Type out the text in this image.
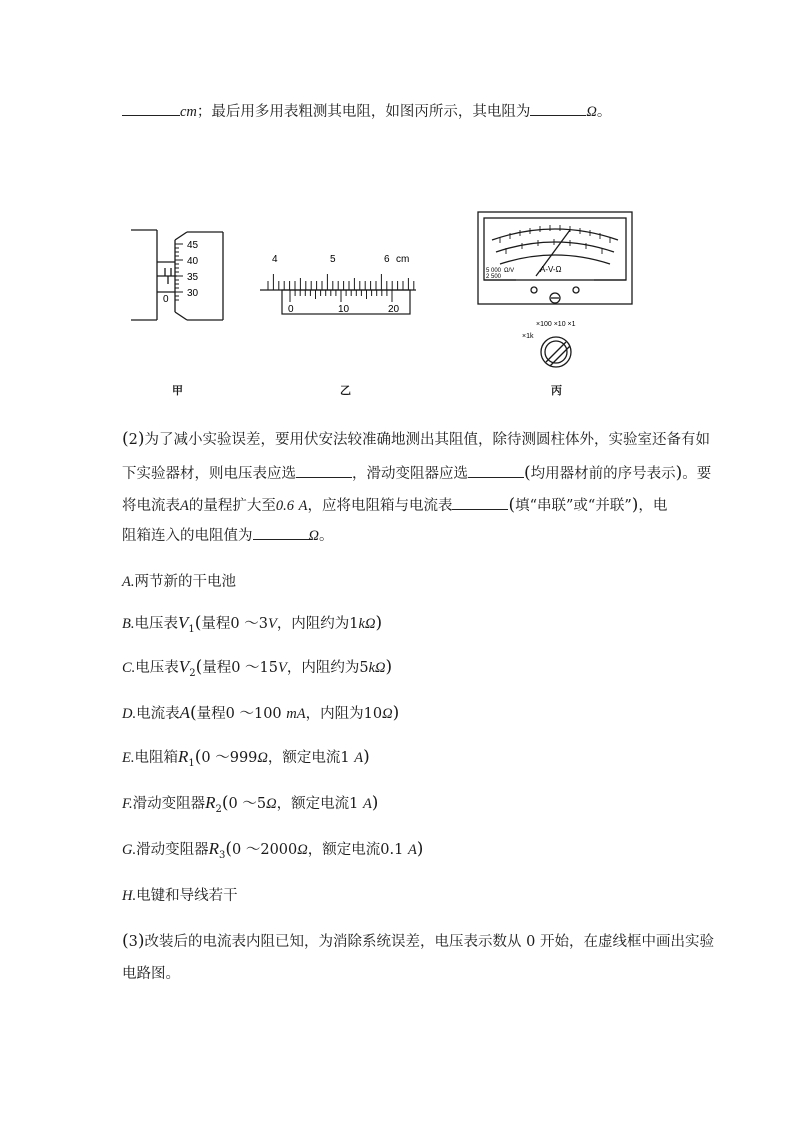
cm；最后用多用表粗测其电阻，如图丙所示，其电阻为	Ω。
45
40
35
30
0
甲
4	5	6 cm
0	10	20
乙
A-V-Ω
5 000 Ω/V
2 500
×100 ×10 ×1
×1k
丙
(2)为了减小实验误差，要用伏安法较准确地测出其阻值，除待测圆柱体外，实验室还备有如
下实验器材，则电压表应选	，滑动变阻器应选	(均用器材前的序号表示)。要
将电流表A的量程扩大至0.6 A，应将电阻箱与电流表	(填“串联”或“并联”)，电
阻箱连入的电阻值为	Ω。
A.两节新的干电池
B.电压表$V_1$(量程0 ～3V，内阻约为1kΩ)
C.电压表$V_2$(量程0 ～15V，内阻约为5kΩ)
D.电流表A(量程0 ～100 mA，内阻为10Ω)
E.电阻箱$R_1(0$ ～999Ω，额定电流1 A)
F.滑动变阻器$R_2(0$ ～5Ω，额定电流1 A)
G.滑动变阻器$R_3(0$ ～2000Ω，额定电流0.1 A)
H.电键和导线若干
(3)改装后的电流表内阻已知，为消除系统误差，电压表示数从 0 开始，在虚线框中画出实验
电路图。
